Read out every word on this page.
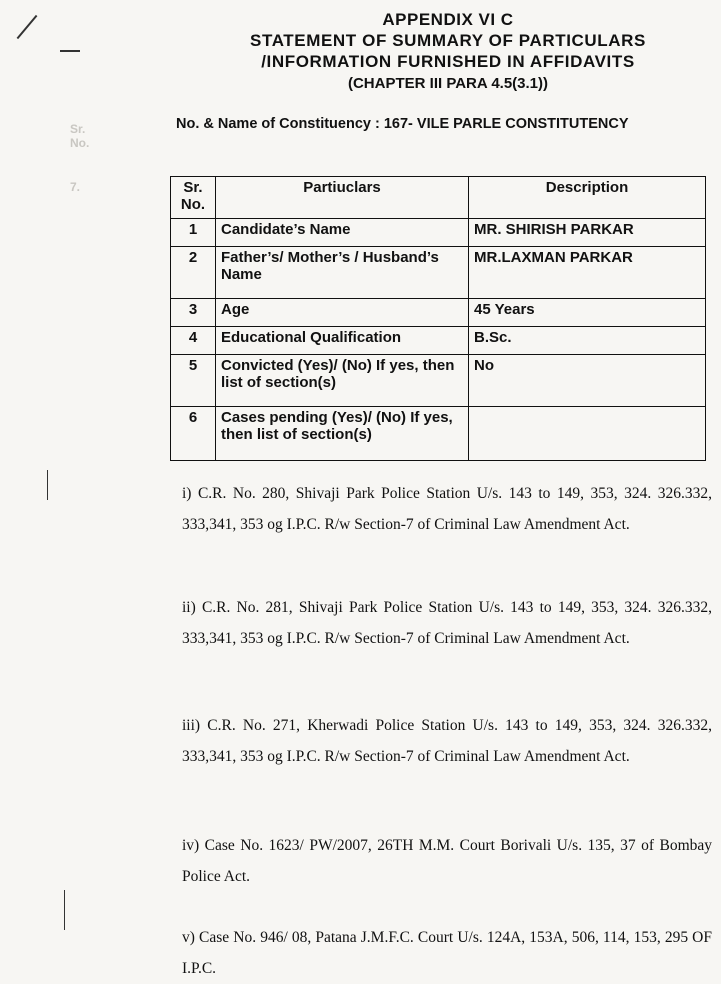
Sr.
No.
7.
APPENDIX VI C
STATEMENT OF SUMMARY OF PARTICULARS
/INFORMATION FURNISHED IN AFFIDAVITS
(CHAPTER III PARA 4.5(3.1))
No. & Name of Constituency : 167- VILE PARLE CONSTITUTENCY
Sr. No.	Partiuclars	Description
1	Candidate’s Name	MR. SHIRISH PARKAR
2	Father’s/ Mother’s / Husband’s Name	MR.LAXMAN PARKAR
3	Age	45 Years
4	Educational Qualification	B.Sc.
5	Convicted (Yes)/ (No) If yes, then list of section(s)	No
6	Cases pending (Yes)/ (No) If yes, then list of section(s)	
i) C.R. No. 280, Shivaji Park Police Station U/s. 143 to 149, 353, 324. 326.332, 333,341, 353 og I.P.C. R/w Section-7 of Criminal Law Amendment Act.
ii) C.R. No. 281, Shivaji Park Police Station U/s. 143 to 149, 353, 324. 326.332, 333,341, 353 og I.P.C. R/w Section-7 of Criminal Law Amendment Act.
iii) C.R. No. 271, Kherwadi Police Station U/s. 143 to 149, 353, 324. 326.332, 333,341, 353 og I.P.C. R/w Section-7 of Criminal Law Amendment Act.
iv) Case No. 1623/ PW/2007, 26TH M.M. Court Borivali U/s. 135, 37 of Bombay Police Act.
v) Case No. 946/ 08, Patana J.M.F.C. Court U/s. 124A, 153A, 506, 114, 153, 295 OF I.P.C.
